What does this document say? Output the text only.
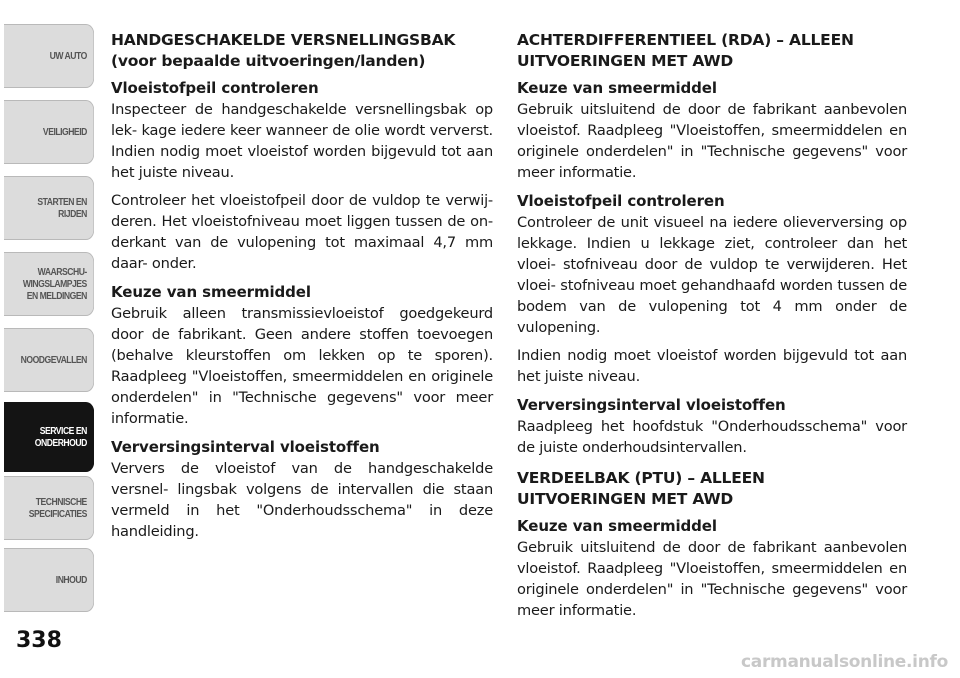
UW AUTO
VEILIGHEID
STARTEN EN
RIJDEN
WAARSCHU-
WINGSLAMPJES
EN MELDINGEN
NOODGEVALLEN
SERVICE EN
ONDERHOUD
TECHNISCHE
SPECIFICATIES
INHOUD
338
HANDGESCHAKELDE VERSNELLINGSBAK
(voor bepaalde uitvoeringen/landen)
Vloeistofpeil controleren

Inspecteer de handgeschakelde versnellingsbak op lek- kage iedere keer wanneer de olie wordt ververst. Indien nodig moet vloeistof worden bijgevuld tot aan het juiste niveau.

Controleer het vloeistofpeil door de vuldop te verwij- deren. Het vloeistofniveau moet liggen tussen de on- derkant van de vulopening tot maximaal 4,7 mm daar- onder.

Keuze van smeermiddel

Gebruik alleen transmissievloeistof goedgekeurd door de fabrikant. Geen andere stoffen toevoegen (behalve kleurstoffen om lekken op te sporen). Raadpleeg "Vloeistoffen, smeermiddelen en originele onderdelen" in "Technische gegevens" voor meer informatie.

Verversingsinterval vloeistoffen

Ververs de vloeistof van de handgeschakelde versnel- lingsbak volgens de intervallen die staan vermeld in het "Onderhoudsschema" in deze handleiding.

ACHTERDIFFERENTIEEL (RDA) – ALLEEN
UITVOERINGEN MET AWD
Keuze van smeermiddel

Gebruik uitsluitend de door de fabrikant aanbevolen vloeistof. Raadpleeg "Vloeistoffen, smeermiddelen en originele onderdelen" in "Technische gegevens" voor meer informatie.

Vloeistofpeil controleren

Controleer de unit visueel na iedere olieverversing op lekkage. Indien u lekkage ziet, controleer dan het vloei- stofniveau door de vuldop te verwijderen. Het vloei- stofniveau moet gehandhaafd worden tussen de bodem van de vulopening tot 4 mm onder de vulopening.

Indien nodig moet vloeistof worden bijgevuld tot aan het juiste niveau.

Verversingsinterval vloeistoffen

Raadpleeg het hoofdstuk "Onderhoudsschema" voor de juiste onderhoudsintervallen.

VERDEELBAK (PTU) – ALLEEN
UITVOERINGEN MET AWD
Keuze van smeermiddel

Gebruik uitsluitend de door de fabrikant aanbevolen vloeistof. Raadpleeg "Vloeistoffen, smeermiddelen en originele onderdelen" in "Technische gegevens" voor meer informatie.

carmanualsonline.info
